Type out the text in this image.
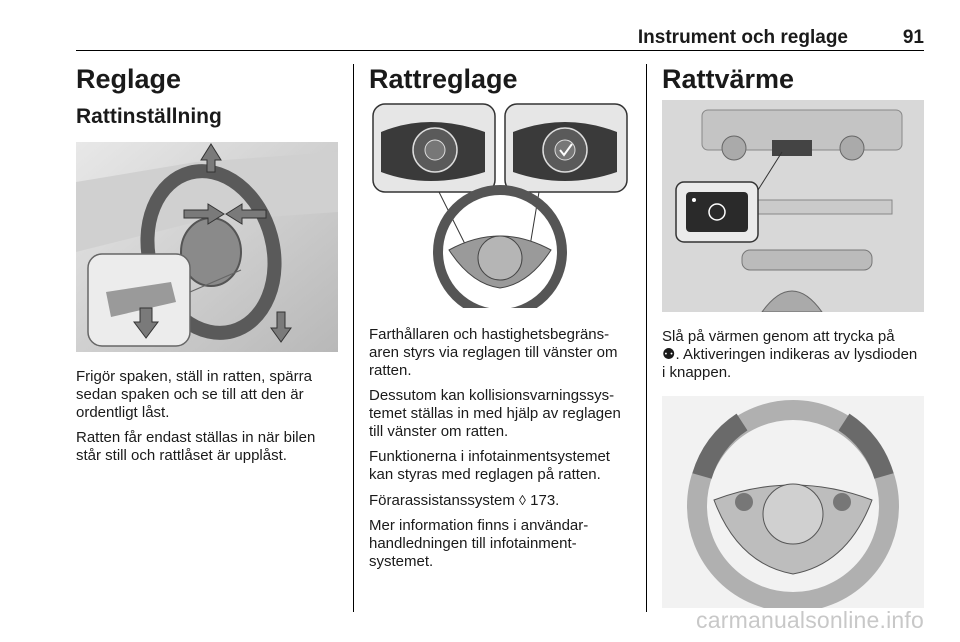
Instrument och reglage	91
Reglage
Rattinställning

Frigör spaken, ställ in ratten, spärra sedan spaken och se till att den är ordentligt låst.

Ratten får endast ställas in när bilen står still och rattlåset är upplåst.

Rattreglage

Farthållaren och hastighetsbegränsaren styrs via reglagen till vänster om ratten.

Dessutom kan kollisionsvarningssystemet ställas in med hjälp av reglagen till vänster om ratten.

Funktionerna i infotainmentsystemet kan styras med reglagen på ratten.

Förarassistanssystem ◊ 173.

Mer information finns i användarhandledningen till infotainmentsystemet.

Rattvärme

Slå på värmen genom att trycka på
⚉. Aktiveringen indikeras av lysdioden i knappen.

carmanualsonline.info
